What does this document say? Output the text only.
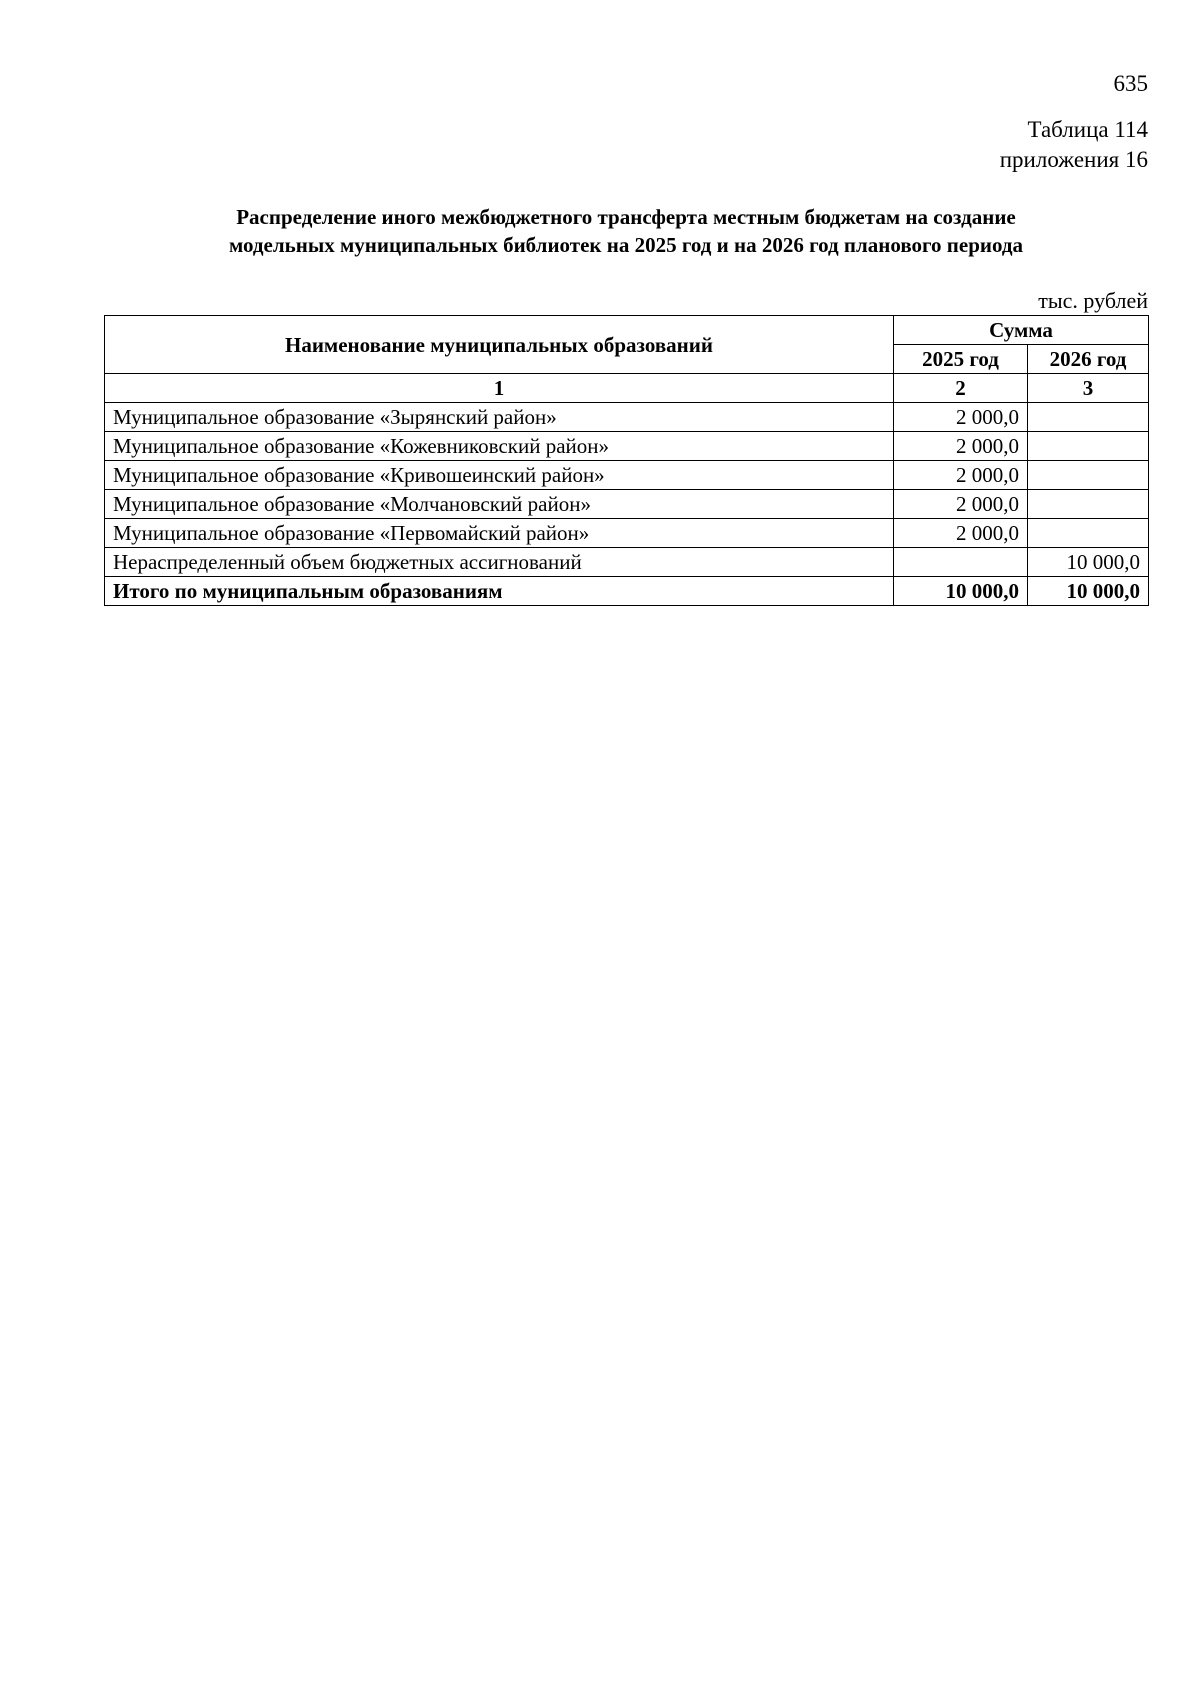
635
Таблица 114
приложения 16
Распределение иного межбюджетного трансферта местным бюджетам на создание
модельных муниципальных библиотек на 2025 год и на 2026 год планового периода
тыс. рублей
Наименование муниципальных образований	Сумма	
	2025 год	2026 год
1	2	3
Муниципальное образование «Зырянский район»	2 000,0	
Муниципальное образование «Кожевниковский район»	2 000,0	
Муниципальное образование «Кривошеинский район»	2 000,0	
Муниципальное образование «Молчановский район»	2 000,0	
Муниципальное образование «Первомайский район»	2 000,0	
Нераспределенный объем бюджетных ассигнований		10 000,0
Итого по муниципальным образованиям	10 000,0	10 000,0
